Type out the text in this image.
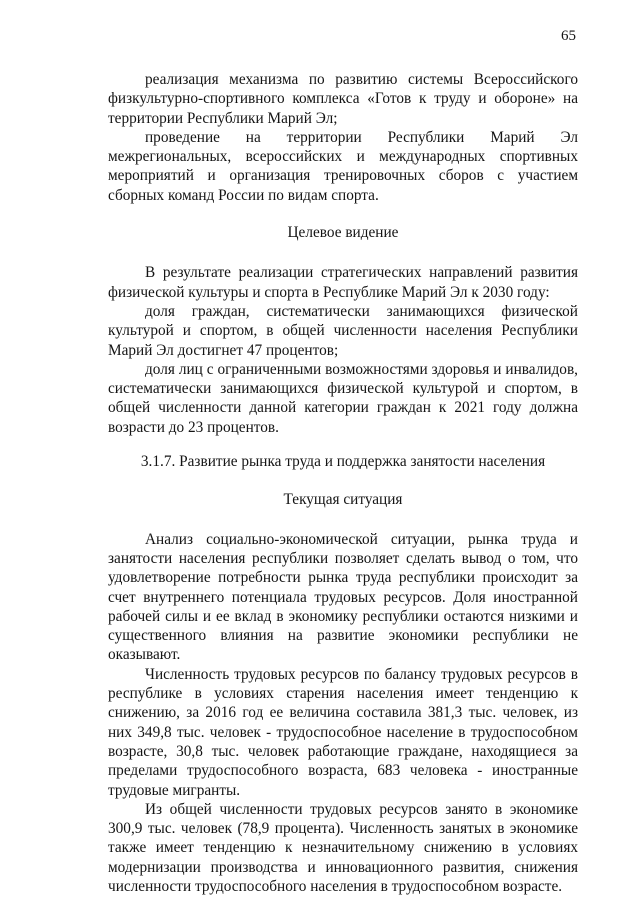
65

реализация механизма по развитию системы Всероссийского физкультурно-спортивного комплекса «Готов к труду и обороне» на территории Республики Марий Эл;

проведение на территории Республики Марий Эл межрегиональных, всероссийских и международных спортивных мероприятий и организация тренировочных сборов с участием сборных команд России по видам спорта.

Целевое видение

В результате реализации стратегических направлений развития физической культуры и спорта в Республике Марий Эл к 2030 году:

доля граждан, систематически занимающихся физической культурой и спортом, в общей численности населения Республики Марий Эл достигнет 47 процентов;

доля лиц с ограниченными возможностями здоровья и инвалидов, систематически занимающихся физической культурой и спортом, в общей численности данной категории граждан к 2021 году должна возрасти до 23 процентов.

3.1.7. Развитие рынка труда и поддержка занятости населения
Текущая ситуация

Анализ социально-экономической ситуации, рынка труда и занятости населения республики позволяет сделать вывод о том, что удовлетворение потребности рынка труда республики происходит за счет внутреннего потенциала трудовых ресурсов. Доля иностранной рабочей силы и ее вклад в экономику республики остаются низкими и существенного влияния на развитие экономики республики не оказывают.

Численность трудовых ресурсов по балансу трудовых ресурсов в республике в условиях старения населения имеет тенденцию к снижению, за 2016 год ее величина составила 381,3 тыс. человек, из них 349,8 тыс. человек - трудоспособное население в трудоспособном возрасте, 30,8 тыс. человек работающие граждане, находящиеся за пределами трудоспособного возраста, 683 человека - иностранные трудовые мигранты.

Из общей численности трудовых ресурсов занято в экономике 300,9 тыс. человек (78,9 процента). Численность занятых в экономике также имеет тенденцию к незначительному снижению в условиях модернизации производства и инновационного развития, снижения численности трудоспособного населения в трудоспособном возрасте.
